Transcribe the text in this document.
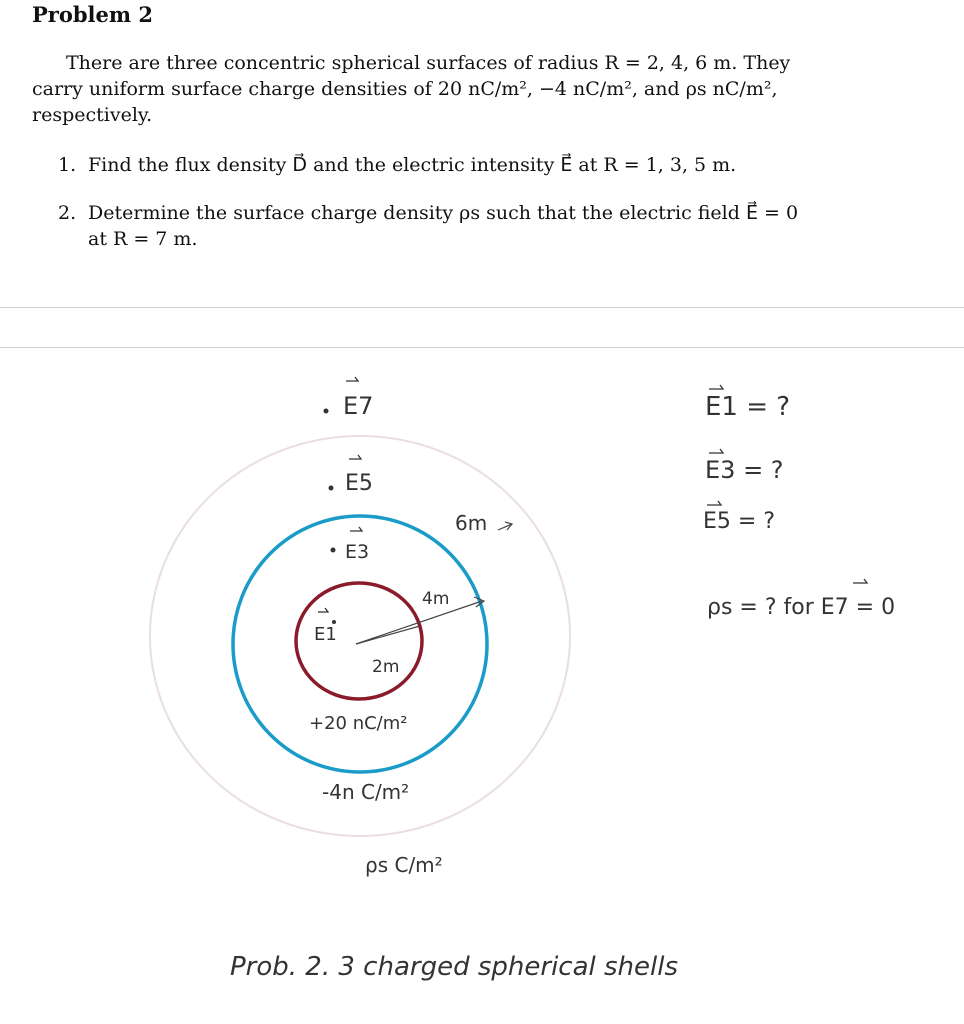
Problem 2
There are three concentric spherical surfaces of radius R = 2, 4, 6 m. They carry uniform surface charge densities of 20 nC/m², −4 nC/m², and ρs nC/m², respectively.
1. Find the flux density D⃗ and the electric intensity E⃗ at R = 1, 3, 5 m.
2. Determine the surface charge density ρs such that the electric field E⃗ = 0
at R = 7 m.
E7
E5
E3
E1
6m
4m
2m
+20 nC/m²
-4n C/m²
ρs C/m²
E1 = ?
E3 = ?
E5 = ?
ρs = ? for E7 = 0
Prob. 2. 3 charged spherical shells
